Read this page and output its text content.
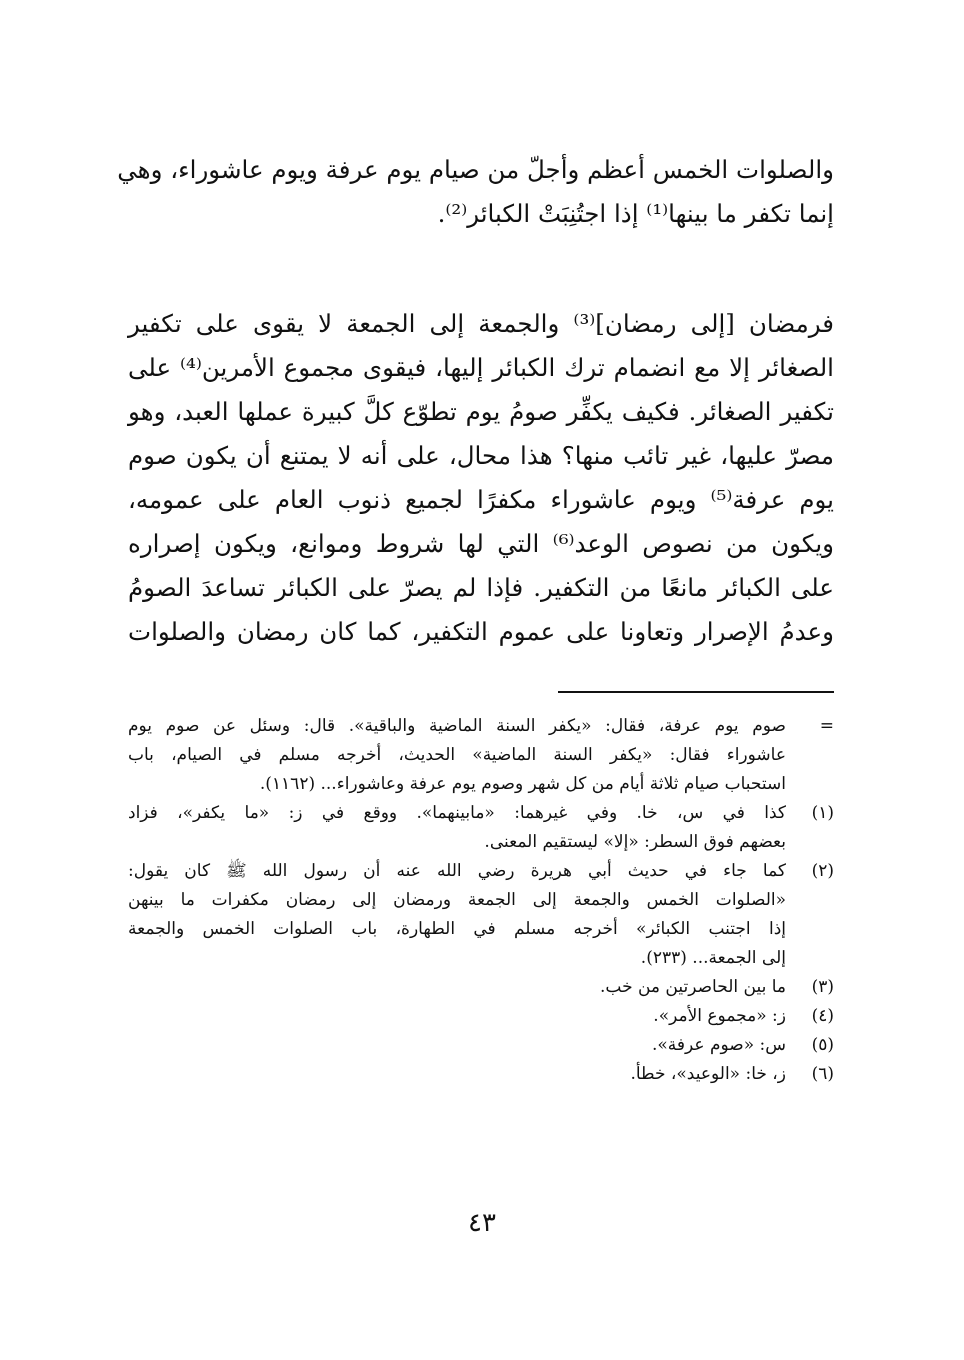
والصلوات الخمس أعظم وأجلّ من صيام يوم عرفة ويوم عاشوراء، وهي
إنما تكفر ما بينها⁽¹⁾ إذا اجتُنِبَتْ الكبائر⁽²⁾.
فرمضان [إلى رمضان]⁽³⁾ والجمعة إلى الجمعة لا يقوى على تكفير
الصغائر إلا مع انضمام ترك الكبائر إليها، فيقوى مجموع الأمرين⁽⁴⁾ على
تكفير الصغائر. فكيف يكفِّر صومُ يوم تطوّع كلَّ كبيرة عملها العبد، وهو
مصرّ عليها، غير تائب منها؟ هذا محال، على أنه لا يمتنع أن يكون صوم
يوم عرفة⁽⁵⁾ ويوم عاشوراء مكفرًا لجميع ذنوب العام على عمومه،
ويكون من نصوص الوعد⁽⁶⁾ التي لها شروط وموانع، ويكون إصراره
على الكبائر مانعًا من التكفير. فإذا لم يصرّ على الكبائر تساعدَ الصومُ
وعدمُ الإصرار وتعاونا على عموم التكفير، كما كان رمضان والصلوات
=
صوم يوم عرفة، فقال: «يكفر السنة الماضية والباقية». قال: وسئل عن صوم يوم
عاشوراء فقال: «يكفر السنة الماضية» الحديث، أخرجه مسلم في الصيام، باب
استحباب صيام ثلاثة أيام من كل شهر وصوم يوم عرفة وعاشوراء... (١١٦٢).
(١)
كذا في س، خا. وفي غيرهما: «مابينهما». ووقع في ز: «ما يكفر»، فزاد
بعضهم فوق السطر: «إلا» ليستقيم المعنى.
(٢)
كما جاء في حديث أبي هريرة رضي الله عنه أن رسول الله ﷺ كان يقول:
«الصلوات الخمس والجمعة إلى الجمعة ورمضان إلى رمضان مكفرات ما بينهن
إذا اجتنب الكبائر» أخرجه مسلم في الطهارة، باب الصلوات الخمس والجمعة
إلى الجمعة... (٢٣٣).
(٣)
ما بين الحاصرتين من خب.
(٤)
ز: «مجموع الأمر».
(٥)
س: «صوم عرفة».
(٦)
ز، خا: «الوعيد»، خطأ.
٤٣
